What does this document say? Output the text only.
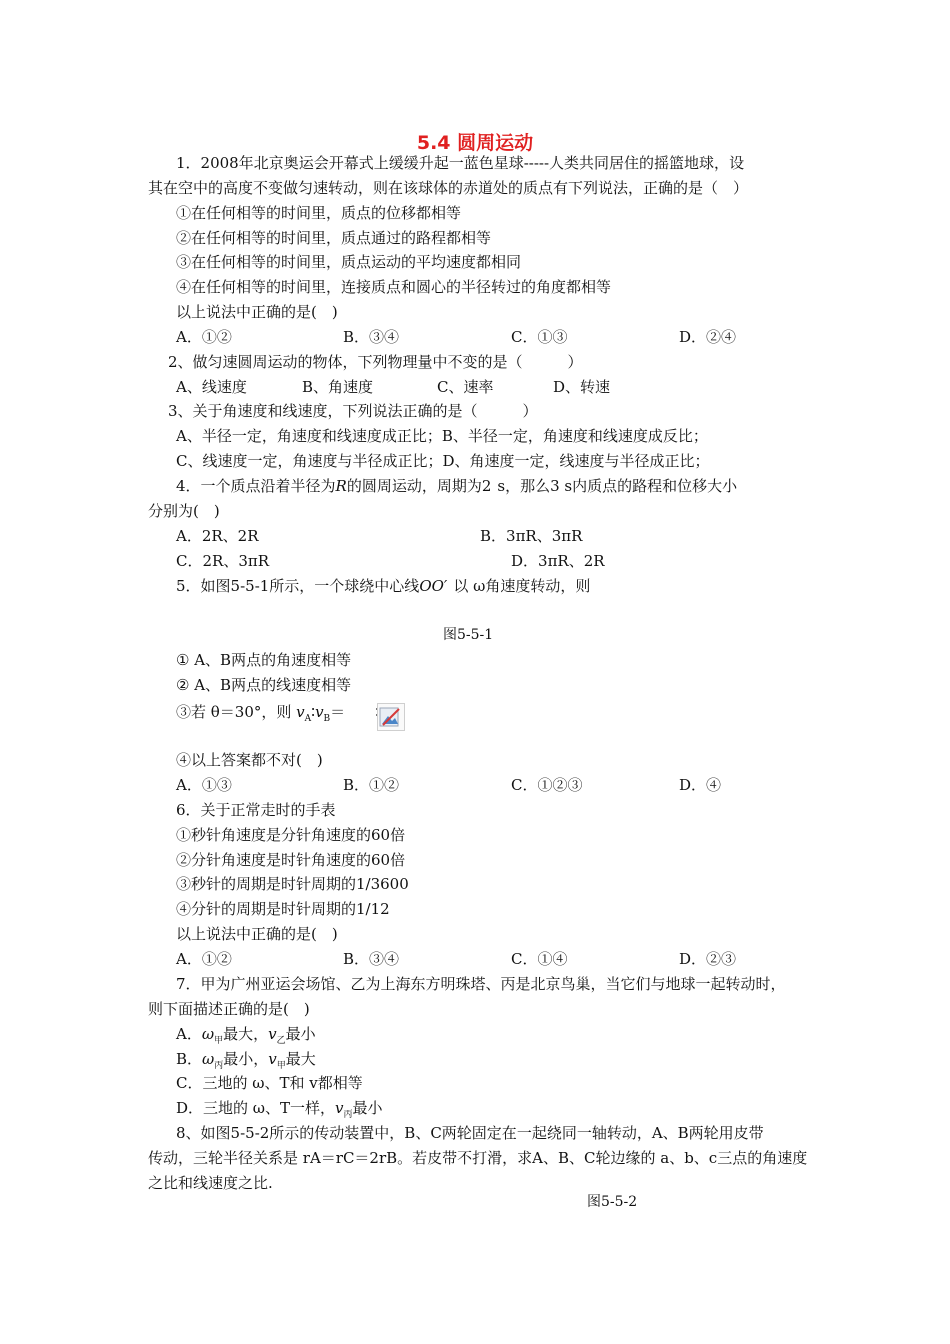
5.4 圆周运动
1．2008年北京奥运会开幕式上缓缓升起一蓝色星球-----人类共同居住的摇篮地球，设
其在空中的高度不变做匀速转动，则在该球体的赤道处的质点有下列说法，正确的是（　）
①在任何相等的时间里，质点的位移都相等
②在任何相等的时间里，质点通过的路程都相等
③在任何相等的时间里，质点运动的平均速度都相同
④在任何相等的时间里，连接质点和圆心的半径转过的角度都相等
以上说法中正确的是(　)
A．①②	B．③④	C．①③	D．②④
2、做匀速圆周运动的物体，下列物理量中不变的是（　　　）
A、线速度	B、角速度	C、速率	D、转速
3、关于角速度和线速度，下列说法正确的是（　　　）
A、半径一定，角速度和线速度成正比；B、半径一定，角速度和线速度成反比；
C、线速度一定，角速度与半径成正比；D、角速度一定，线速度与半径成正比；
4．一个质点沿着半径为R的圆周运动，周期为2 s，那么3 s内质点的路程和位移大小
分别为(　)
A．2R、2R	B．3πR、3πR
C．2R、3πR	D．3πR、2R
5．如图5-5-1所示，一个球绕中心线OO′ 以 ω角速度转动，则
图5-5-1
① A、B两点的角速度相等
② A、B两点的线速度相等
③若 θ＝30°，则 $v_A∶v_B=$
④以上答案都不对(　)
A．①③	B．①②	C．①②③	D．④
6．关于正常走时的手表
①秒针角速度是分针角速度的60倍
②分针角速度是时针角速度的60倍
③秒针的周期是时针周期的1/3600
④分针的周期是时针周期的1/12
以上说法中正确的是(　)
A．①②	B．③④	C．①④	D．②③
7．甲为广州亚运会场馆、乙为上海东方明珠塔、丙是北京鸟巢，当它们与地球一起转动时，
则下面描述正确的是(　)
A．$\omega_甲$最大，$v_乙$最小
B．$\omega_丙$最小，$v_甲$最大
C．三地的 ω、T和 v都相等
D．三地的 ω、T一样，$v_丙$最小
8、如图5-5-2所示的传动装置中，B、C两轮固定在一起绕同一轴转动，A、B两轮用皮带
传动，三轮半径关系是 rA＝rC＝2rB。若皮带不打滑，求A、B、C轮边缘的 a、b、c三点的角速度
之比和线速度之比.
图5-5-2
